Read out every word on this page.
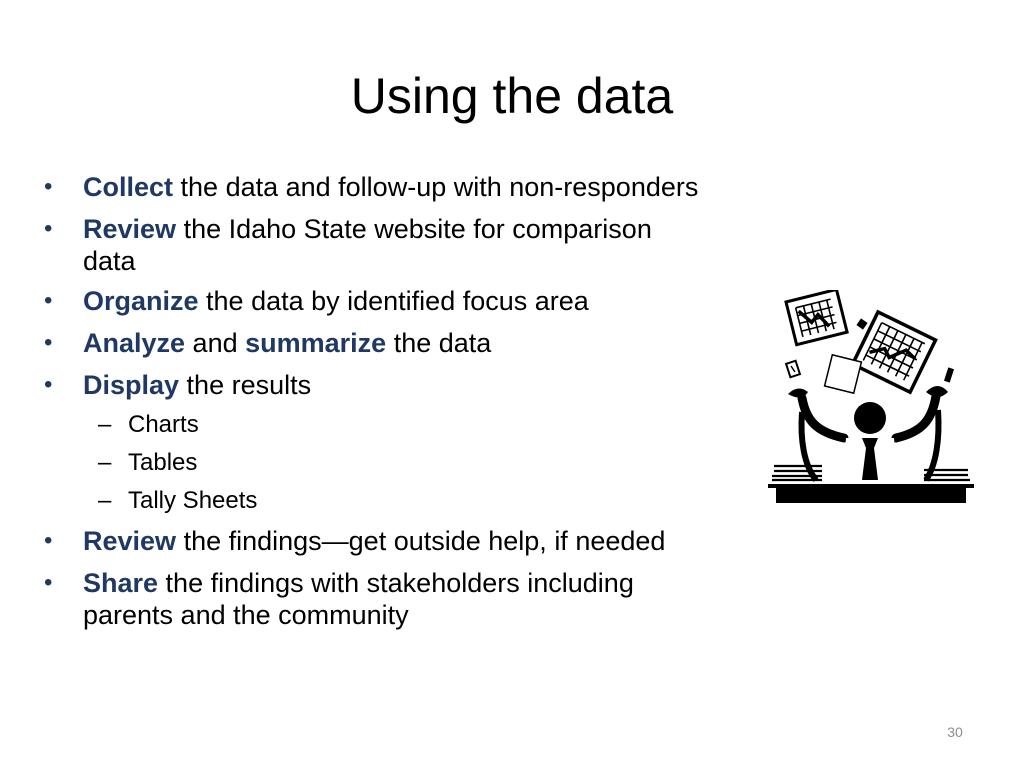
Using the data
• Collect the data and follow-up with non-responders
• Review the Idaho State website for comparison
data
• Organize the data by identified focus area
• Analyze and summarize the data
• Display the results
– Charts
– Tables
– Tally Sheets
• Review the findings—get outside help, if needed
• Share the findings with stakeholders including
parents and the community
30
